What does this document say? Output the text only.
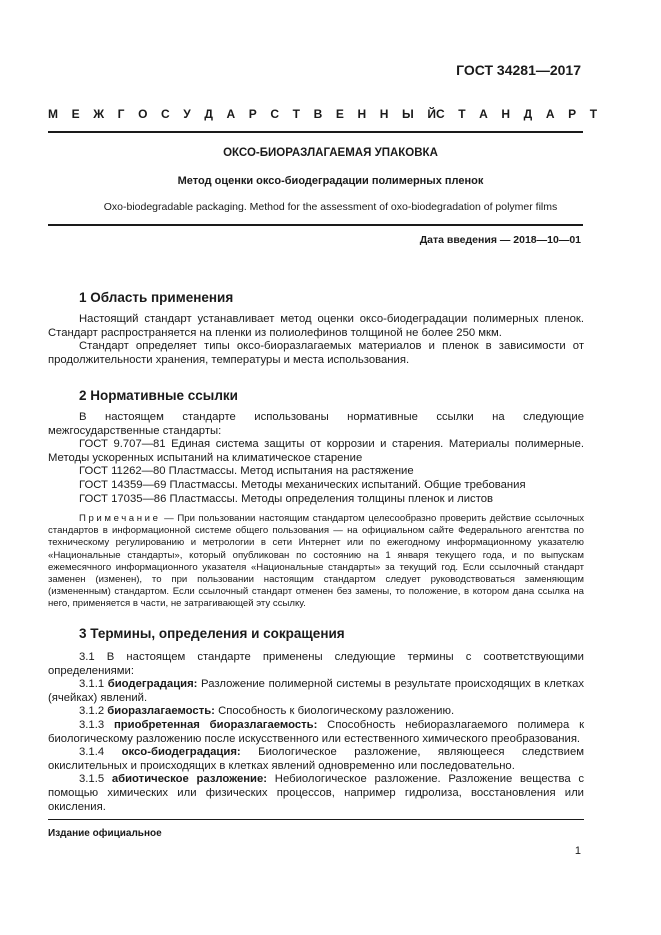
ГОСТ 34281—2017
М Е Ж Г О С У Д А Р С Т В Е Н Н Ы Й С Т А Н Д А Р Т
ОКСО-БИОРАЗЛАГАЕМАЯ УПАКОВКА
Метод оценки оксо-биодеградации полимерных пленок
Oxo-biodegradable packaging. Method for the assessment of oxo-biodegradation of polymer films
Дата введения — 2018—10—01
1 Область применения

Настоящий стандарт устанавливает метод оценки оксо-биодеградации полимерных пленок. Стандарт распространяется на пленки из полиолефинов толщиной не более 250 мкм.

Стандарт определяет типы оксо-биоразлагаемых материалов и пленок в зависимости от продолжительности хранения, температуры и места использования.

2 Нормативные ссылки

В настоящем стандарте использованы нормативные ссылки на следующие межгосударственные стандарты:

ГОСТ 9.707—81 Единая система защиты от коррозии и старения. Материалы полимерные. Методы ускоренных испытаний на климатическое старение

ГОСТ 11262—80 Пластмассы. Метод испытания на растяжение

ГОСТ 14359—69 Пластмассы. Методы механических испытаний. Общие требования

ГОСТ 17035—86 Пластмассы. Методы определения толщины пленок и листов

Примечание — При пользовании настоящим стандартом целесообразно проверить действие ссылочных стандартов в информационной системе общего пользования — на официальном сайте Федерального агентства по техническому регулированию и метрологии в сети Интернет или по ежегодному информационному указателю «Национальные стандарты», который опубликован по состоянию на 1 января текущего года, и по выпускам ежемесячного информационного указателя «Национальные стандарты» за текущий год. Если ссылочный стандарт заменен (изменен), то при пользовании настоящим стандартом следует руководствоваться заменяющим (измененным) стандартом. Если ссылочный стандарт отменен без замены, то положение, в котором дана ссылка на него, применяется в части, не затрагивающей эту ссылку.

3 Термины, определения и сокращения

3.1 В настоящем стандарте применены следующие термины с соответствующими определениями:

3.1.1 биодеградация: Разложение полимерной системы в результате происходящих в клетках (ячейках) явлений.

3.1.2 биоразлагаемость: Способность к биологическому разложению.

3.1.3 приобретенная биоразлагаемость: Способность небиоразлагаемого полимера к биологическому разложению после искусственного или естественного химического преобразования.

3.1.4 оксо-биодеградация: Биологическое разложение, являющееся следствием окислительных и происходящих в клетках явлений одновременно или последовательно.

3.1.5 абиотическое разложение: Небиологическое разложение. Разложение вещества с помощью химических или физических процессов, например гидролиза, восстановления или окисления.

Издание официальное
1
